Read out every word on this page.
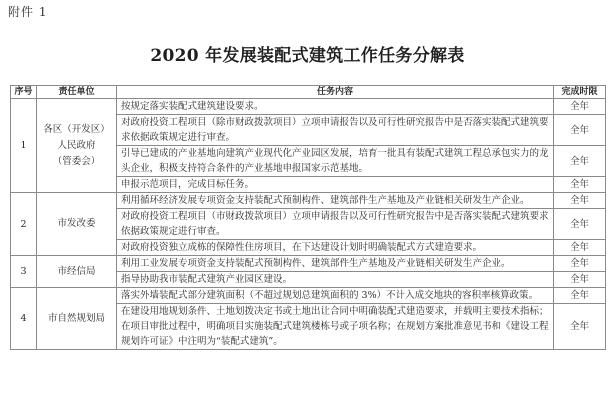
附件 1
2020 年发展装配式建筑工作任务分解表
序号	责任单位	任务内容	完成时限
1	各区（开发区）
人民政府
（管委会）	按规定落实装配式建筑建设要求。	全年
		对政府投资工程项目（除市财政拨款项目）立项申请报告以及可行性研究报告中是否落实装配式建筑要求依据政策规定进行审查。	全年
		引导已建成的产业基地向建筑产业现代化产业园区发展，培育一批具有装配式建筑工程总承包实力的龙头企业，积极支持符合条件的产业基地申报国家示范基地。	全年
		申报示范项目，完成目标任务。	全年
2	市发改委	利用循环经济发展专项资金支持装配式预制构件、建筑部件生产基地及产业链相关研发生产企业。	全年
		对政府投资工程项目（市财政拨款项目）立项申请报告以及可行性研究报告中是否落实装配式建筑要求依据政策规定进行审查。	全年
		对政府投资独立成栋的保障性住房项目，在下达建设计划时明确装配式方式建造要求。	全年
3	市经信局	利用工业发展专项资金支持装配式预制构件、建筑部件生产基地及产业链相关研发生产企业。	全年
		指导协助我市装配式建筑产业园区建设。	全年
4	市自然规划局	落实外墙装配式部分建筑面积（不超过规划总建筑面积的 3%）不计入成交地块的容积率核算政策。	全年
		在建设用地规划条件、土地划拨决定书或土地出让合同中明确装配式建造要求，并载明主要技术指标；在项目审批过程中，明确项目实施装配式建筑楼栋号或子项名称；在规划方案批准意见书和《建设工程规划许可证》中注明为“装配式建筑”。	全年
